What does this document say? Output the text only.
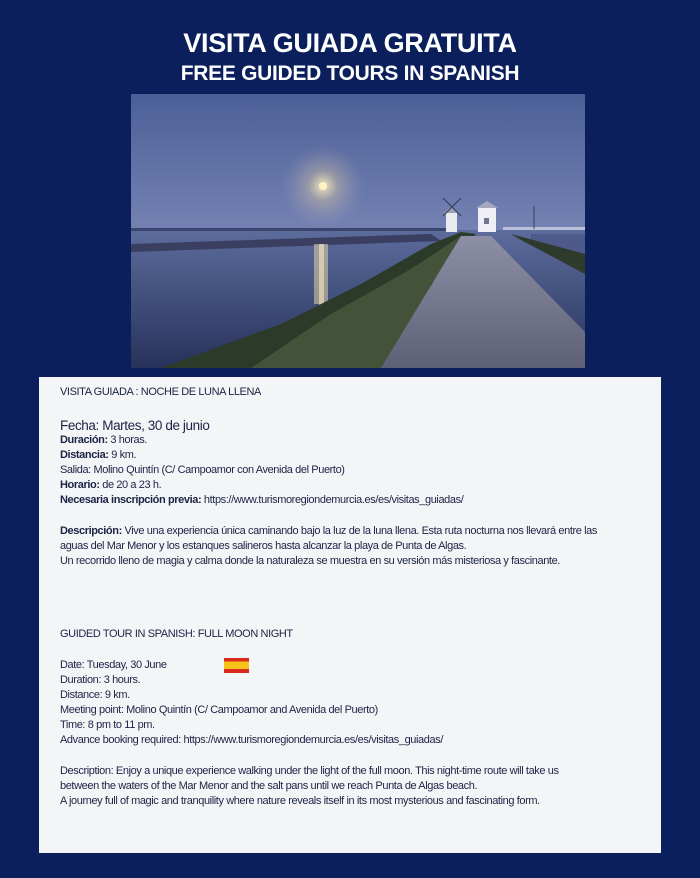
VISITA GUIADA GRATUITA
FREE GUIDED TOURS IN SPANISH
VISITA GUIADA : NOCHE DE LUNA LLENA
Fecha: Martes, 30 de junio
Duración: 3 horas.
Distancia: 9 km.
Salida: Molino Quintín (C/ Campoamor con Avenida del Puerto)
Horario: de 20 a 23 h.
Necesaria inscripción previa: https://www.turismoregiondemurcia.es/es/visitas_guiadas/
Descripción: Vive una experiencia única caminando bajo la luz de la luna llena. Esta ruta nocturna nos llevará entre las
aguas del Mar Menor y los estanques salineros hasta alcanzar la playa de Punta de Algas.
Un recorrido lleno de magia y calma donde la naturaleza se muestra en su versión más misteriosa y fascinante.
GUIDED TOUR IN SPANISH: FULL MOON NIGHT
Date: Tuesday, 30 June
Duration: 3 hours.
Distance: 9 km.
Meeting point: Molino Quintín (C/ Campoamor and Avenida del Puerto)
Time: 8 pm to 11 pm.
Advance booking required: https://www.turismoregiondemurcia.es/es/visitas_guiadas/
Description: Enjoy a unique experience walking under the light of the full moon. This night-time route will take us
between the waters of the Mar Menor and the salt pans until we reach Punta de Algas beach.
A journey full of magic and tranquility where nature reveals itself in its most mysterious and fascinating form.
